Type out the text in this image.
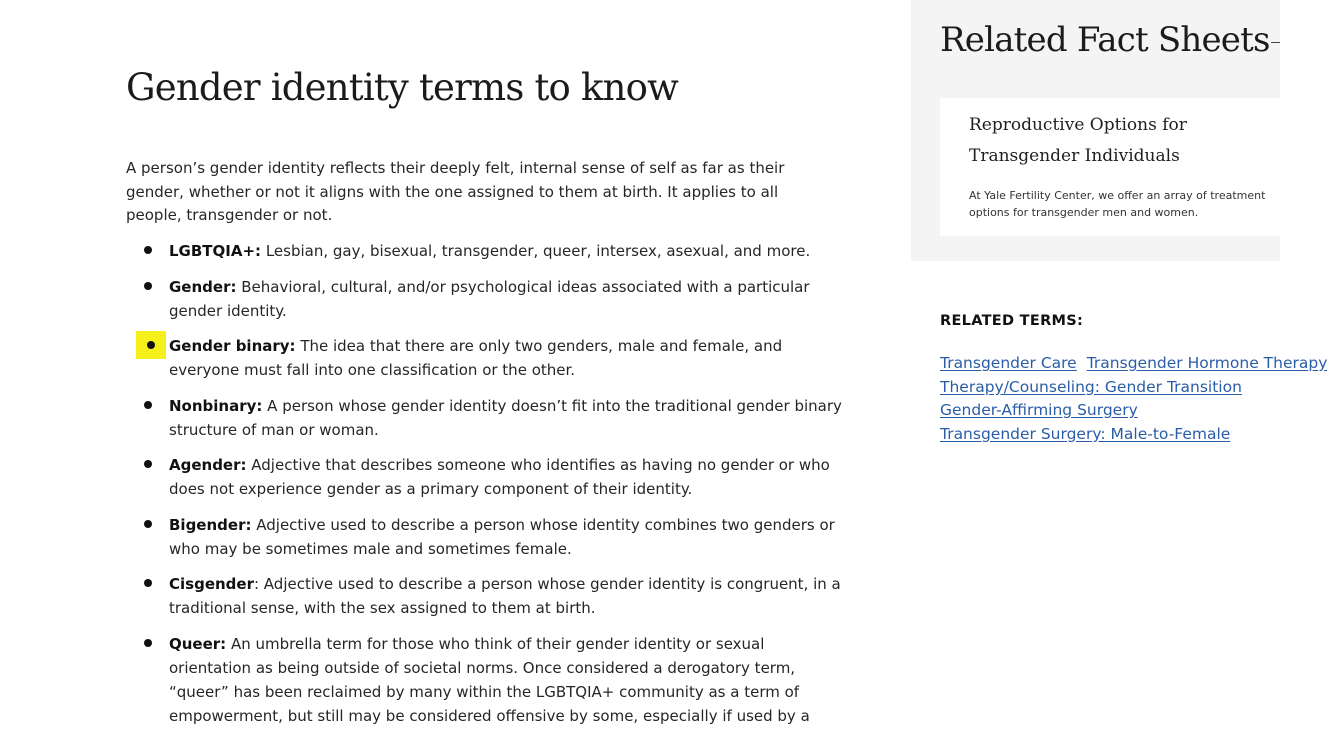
Gender identity terms to know

A person’s gender identity reflects their deeply felt, internal sense of self as far as their gender, whether or not it aligns with the one assigned to them at birth. It applies to all people, transgender or not.

LGBTQIA+: Lesbian, gay, bisexual, transgender, queer, intersex, asexual, and more.
Gender: Behavioral, cultural, and/or psychological ideas associated with a particular gender identity.
Gender binary: The idea that there are only two genders, male and female, and everyone must fall into one classification or the other.
Nonbinary: A person whose gender identity doesn’t fit into the traditional gender binary structure of man or woman.
Agender: Adjective that describes someone who identifies as having no gender or who does not experience gender as a primary component of their identity.
Bigender: Adjective used to describe a person whose identity combines two genders or who may be sometimes male and sometimes female.
Cisgender: Adjective used to describe a person whose gender identity is congruent, in a traditional sense, with the sex assigned to them at birth.
Queer: An umbrella term for those who think of their gender identity or sexual orientation as being outside of societal norms. Once considered a derogatory term, “queer” has been reclaimed by many within the LGBTQIA+ community as a term of empowerment, but still may be considered offensive by some, especially if used by a
Related Fact Sheets

Reproductive Options for Transgender Individuals

At Yale Fertility Center, we offer an array of treatment options for transgender men and women.

RELATED TERMS:
Transgender Care Transgender Hormone Therapy
Therapy/Counseling: Gender Transition
Gender-Affirming Surgery
Transgender Surgery: Male-to-Female
